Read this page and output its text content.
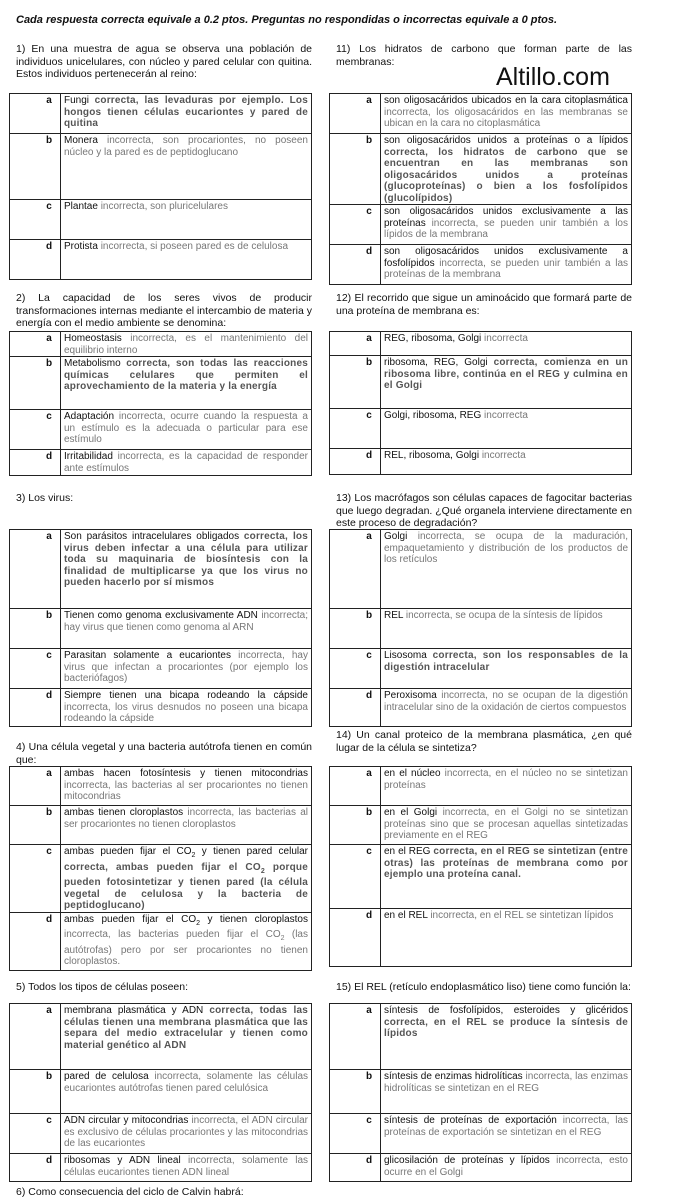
Cada respuesta correcta equivale a 0.2 ptos. Preguntas no respondidas o incorrectas equivale a 0 ptos.
Altillo.com

1) En una muestra de agua se observa una población de individuos unicelulares, con núcleo y pared celular con quitina. Estos individuos pertenecerán al reino:

2) La capacidad de los seres vivos de producir transformaciones internas mediante el intercambio de materia y energía con el medio ambiente se denomina:

3) Los virus:

4) Una célula vegetal y una bacteria autótrofa tienen en común que:

5) Todos los tipos de células poseen:

11) Los hidratos de carbono que forman parte de las membranas:

12) El recorrido que sigue un aminoácido que formará parte de una proteína de membrana es:

13) Los macrófagos son células capaces de fagocitar bacterias que luego degradan. ¿Qué organela interviene directamente en este proceso de degradación?

14) Un canal proteico de la membrana plasmática, ¿en qué lugar de la célula se sintetiza?

15) El REL (retículo endoplasmático liso) tiene como función la:

	a	Fungi correcta, las levaduras por ejemplo. Los hongos tienen células eucariontes y pared de quitina
	b	Monera incorrecta, son procariontes, no poseen núcleo y la pared es de peptidoglucano
	c	Plantae incorrecta, son pluricelulares
	d	Protista incorrecta, si poseen pared es de celulosa
	a	Homeostasis incorrecta, es el mantenimiento del equilibrio interno
	b	Metabolismo correcta, son todas las reacciones químicas celulares que permiten el aprovechamiento de la materia y la energía
	c	Adaptación incorrecta, ocurre cuando la respuesta a un estímulo es la adecuada o particular para ese estímulo
	d	Irritabilidad incorrecta, es la capacidad de responder ante estímulos
	a	Son parásitos intracelulares obligados correcta, los virus deben infectar a una célula para utilizar toda su maquinaria de biosíntesis con la finalidad de multiplicarse ya que los virus no pueden hacerlo por sí mismos
	b	Tienen como genoma exclusivamente ADN incorrecta; hay virus que tienen como genoma al ARN
	c	Parasitan solamente a eucariontes incorrecta, hay virus que infectan a procariontes (por ejemplo los bacteriófagos)
	d	Siempre tienen una bicapa rodeando la cápside incorrecta, los virus desnudos no poseen una bicapa rodeando la cápside
	a	ambas hacen fotosíntesis y tienen mitocondrias incorrecta, las bacterias al ser procariontes no tienen mitocondrias
	b	ambas tienen cloroplastos incorrecta, las bacterias al ser procariontes no tienen cloroplastos
	c	ambas pueden fijar el $CO_2$ y tienen pared celular correcta, ambas pueden fijar el $CO_2$ porque pueden fotosintetizar y tienen pared (la célula vegetal de celulosa y la bacteria de peptidoglucano)
	d	ambas pueden fijar el $CO_2$ y tienen cloroplastos incorrecta, las bacterias pueden fijar el $CO_2$ (las autótrofas) pero por ser procariontes no tienen cloroplastos.
	a	membrana plasmática y ADN correcta, todas las células tienen una membrana plasmática que las separa del medio extracelular y tienen como material genético al ADN
	b	pared de celulosa incorrecta, solamente las células eucariontes autótrofas tienen pared celulósica
	c	ADN circular y mitocondrias incorrecta, el ADN circular es exclusivo de células procariontes y las mitocondrias de las eucariontes
	d	ribosomas y ADN lineal incorrecta, solamente las células eucariontes tienen ADN lineal
	a	son oligosacáridos ubicados en la cara citoplasmática incorrecta, los oligosacáridos en las membranas se ubican en la cara no citoplasmática
	b	son oligosacáridos unidos a proteínas o a lípidos correcta, los hidratos de carbono que se encuentran en las membranas son oligosacáridos unidos a proteínas (glucoproteínas) o bien a los fosfolípidos (glucolípidos)
	c	son oligosacáridos unidos exclusivamente a las proteínas incorrecta, se pueden unir también a los lípidos de la membrana
	d	son oligosacáridos unidos exclusivamente a fosfolípidos incorrecta, se pueden unir también a las proteínas de la membrana
	a	REG, ribosoma, Golgi incorrecta
	b	ribosoma, REG, Golgi correcta, comienza en un ribosoma libre, continúa en el REG y culmina en el Golgi
	c	Golgi, ribosoma, REG incorrecta
	d	REL, ribosoma, Golgi incorrecta
	a	Golgi incorrecta, se ocupa de la maduración, empaquetamiento y distribución de los productos de los retículos
	b	REL incorrecta, se ocupa de la síntesis de lípidos
	c	Lisosoma correcta, son los responsables de la digestión intracelular
	d	Peroxisoma incorrecta, no se ocupan de la digestión intracelular sino de la oxidación de ciertos compuestos
	a	en el núcleo incorrecta, en el núcleo no se sintetizan proteínas
	b	en el Golgi incorrecta, en el Golgi no se sintetizan proteínas sino que se procesan aquellas sintetizadas previamente en el REG
	c	en el REG correcta, en el REG se sintetizan (entre otras) las proteínas de membrana como por ejemplo una proteína canal.
	d	en el REL incorrecta, en el REL se sintetizan lípidos
	a	síntesis de fosfolípidos, esteroides y glicéridos correcta, en el REL se produce la síntesis de lípidos
	b	síntesis de enzimas hidrolíticas incorrecta, las enzimas hidrolíticas se sintetizan en el REG
	c	síntesis de proteínas de exportación incorrecta, las proteínas de exportación se sintetizan en el REG
	d	glicosilación de proteínas y lípidos incorrecta, esto ocurre en el Golgi
6) Como consecuencia del ciclo de Calvin habrá:
